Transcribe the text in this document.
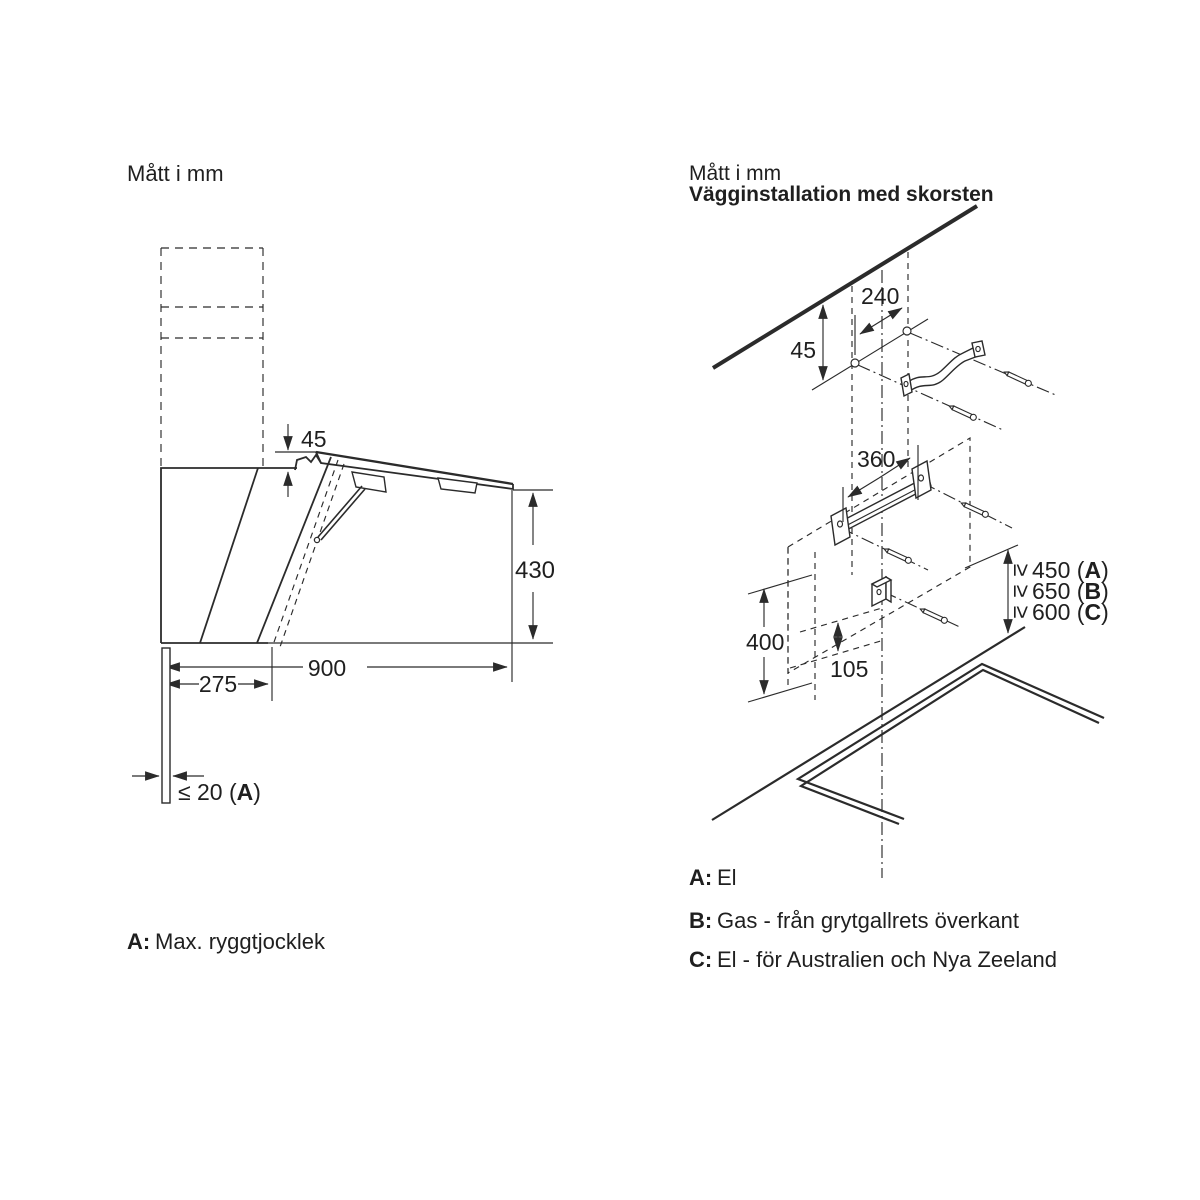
Mått i mm
45
430
900
275
≤ 20 (A)
A: Max. ryggtjocklek
Mått i mm
Vägginstallation med skorsten
240
45
360
400
105
≥
450 (A)
≥
650 (B)
≥
600 (C)
A: El
B: Gas - från grytgallrets överkant
C: El - för Australien och Nya Zeeland
